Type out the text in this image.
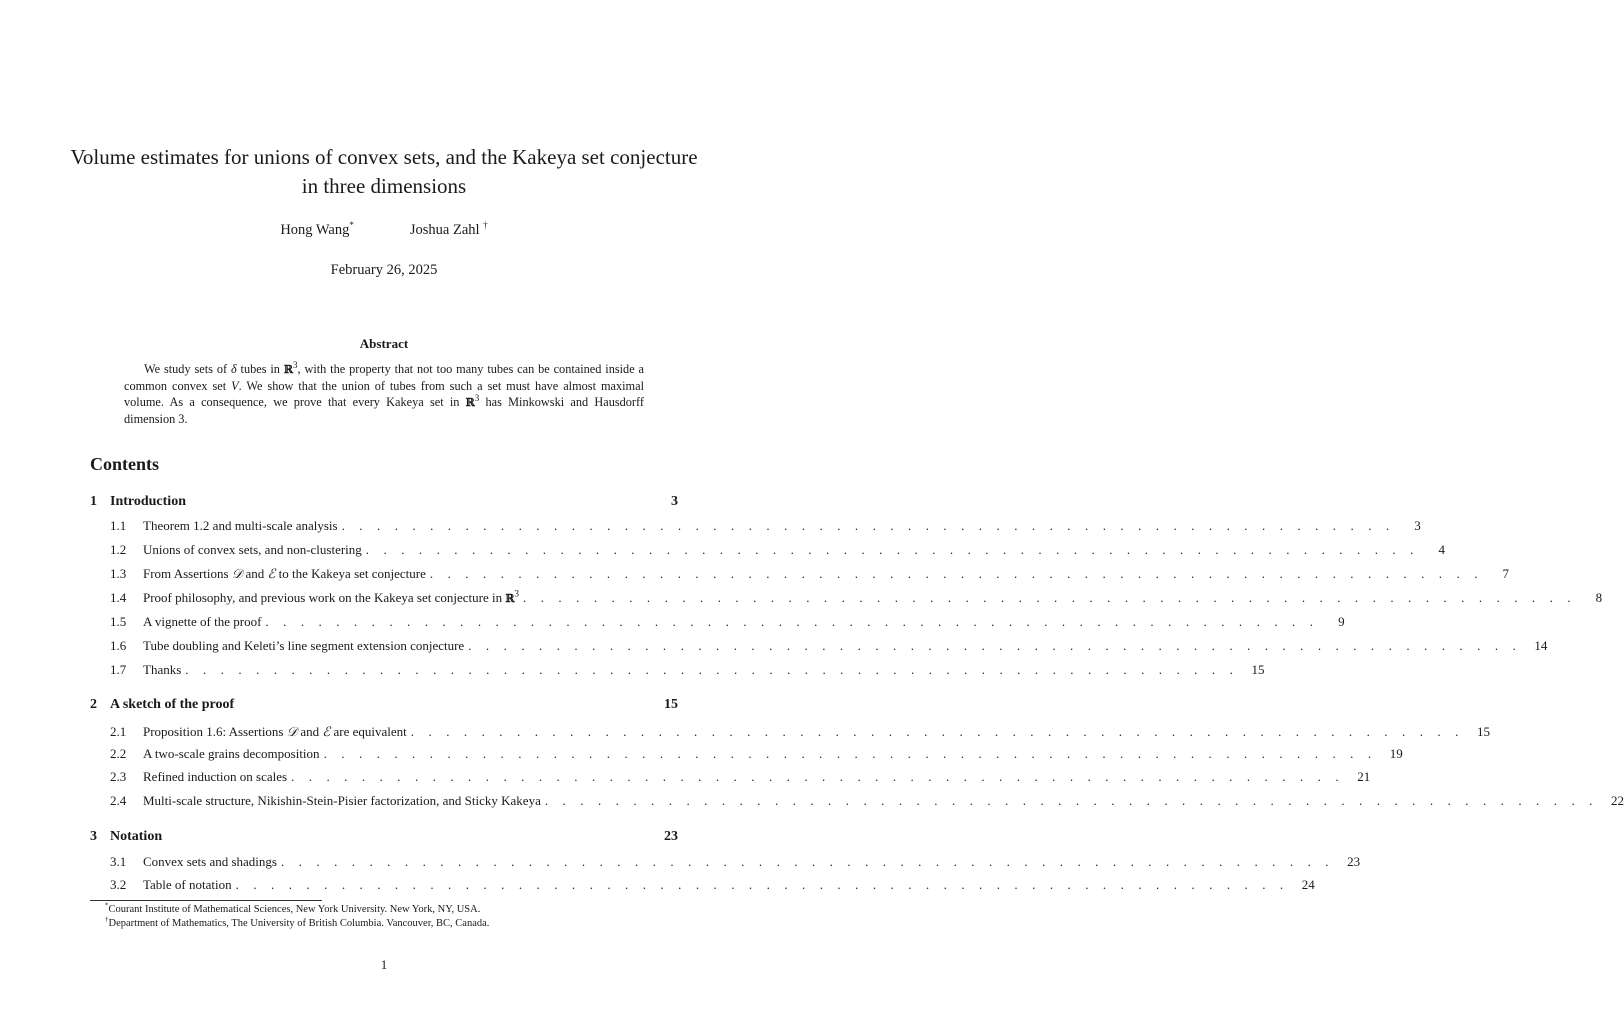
Volume estimates for unions of convex sets, and the Kakeya set conjecture in three dimensions
Hong Wang*	Joshua Zahl †
February 26, 2025
Abstract
We study sets of δ tubes in ℝ$^3$, with the property that not too many tubes can be contained inside a common convex set V. We show that the union of tubes from such a set must have almost maximal volume. As a consequence, we prove that every Kakeya set in ℝ$^3$ has Minkowski and Hausdorff dimension 3.
Contents
1 Introduction	3
1.1	Theorem 1.2 and multi-scale analysis . . . . . . . . . . . . . . . . . . . . . . . . . . . . . . . . . . . . . . . . . . . . . . . . . . . . . . . . . . . .	3
1.2	Unions of convex sets, and non-clustering . . . . . . . . . . . . . . . . . . . . . . . . . . . . . . . . . . . . . . . . . . . . . . . . . . . . . . . . . . . .	4
1.3	From Assertions 𝒟 and ℰ to the Kakeya set conjecture . . . . . . . . . . . . . . . . . . . . . . . . . . . . . . . . . . . . . . . . . . . . . . . . . . . . . . . . . . . .	7
1.4	Proof philosophy, and previous work on the Kakeya set conjecture in ℝ$^3$ . . . . . . . . . . . . . . . . . . . . . . . . . . . . . . . . . . . . . . . . . . . . . . . . . . . . . . . . . . . .	8
1.5	A vignette of the proof . . . . . . . . . . . . . . . . . . . . . . . . . . . . . . . . . . . . . . . . . . . . . . . . . . . . . . . . . . . .	9
1.6	Tube doubling and Keleti’s line segment extension conjecture . . . . . . . . . . . . . . . . . . . . . . . . . . . . . . . . . . . . . . . . . . . . . . . . . . . . . . . . . . . .	14
1.7	Thanks . . . . . . . . . . . . . . . . . . . . . . . . . . . . . . . . . . . . . . . . . . . . . . . . . . . . . . . . . . . .	15
2 A sketch of the proof	15
2.1	Proposition 1.6: Assertions 𝒟 and ℰ are equivalent . . . . . . . . . . . . . . . . . . . . . . . . . . . . . . . . . . . . . . . . . . . . . . . . . . . . . . . . . . . .	15
2.2	A two-scale grains decomposition . . . . . . . . . . . . . . . . . . . . . . . . . . . . . . . . . . . . . . . . . . . . . . . . . . . . . . . . . . . .	19
2.3	Refined induction on scales . . . . . . . . . . . . . . . . . . . . . . . . . . . . . . . . . . . . . . . . . . . . . . . . . . . . . . . . . . . .	21
2.4	Multi-scale structure, Nikishin-Stein-Pisier factorization, and Sticky Kakeya . . . . . . . . . . . . . . . . . . . . . . . . . . . . . . . . . . . . . . . . . . . . . . . . . . . . . . . . . . . .	22
3 Notation	23
3.1	Convex sets and shadings . . . . . . . . . . . . . . . . . . . . . . . . . . . . . . . . . . . . . . . . . . . . . . . . . . . . . . . . . . . .	23
3.2	Table of notation . . . . . . . . . . . . . . . . . . . . . . . . . . . . . . . . . . . . . . . . . . . . . . . . . . . . . . . . . . . .	24
*Courant Institute of Mathematical Sciences, New York University. New York, NY, USA.
†Department of Mathematics, The University of British Columbia. Vancouver, BC, Canada.
1
